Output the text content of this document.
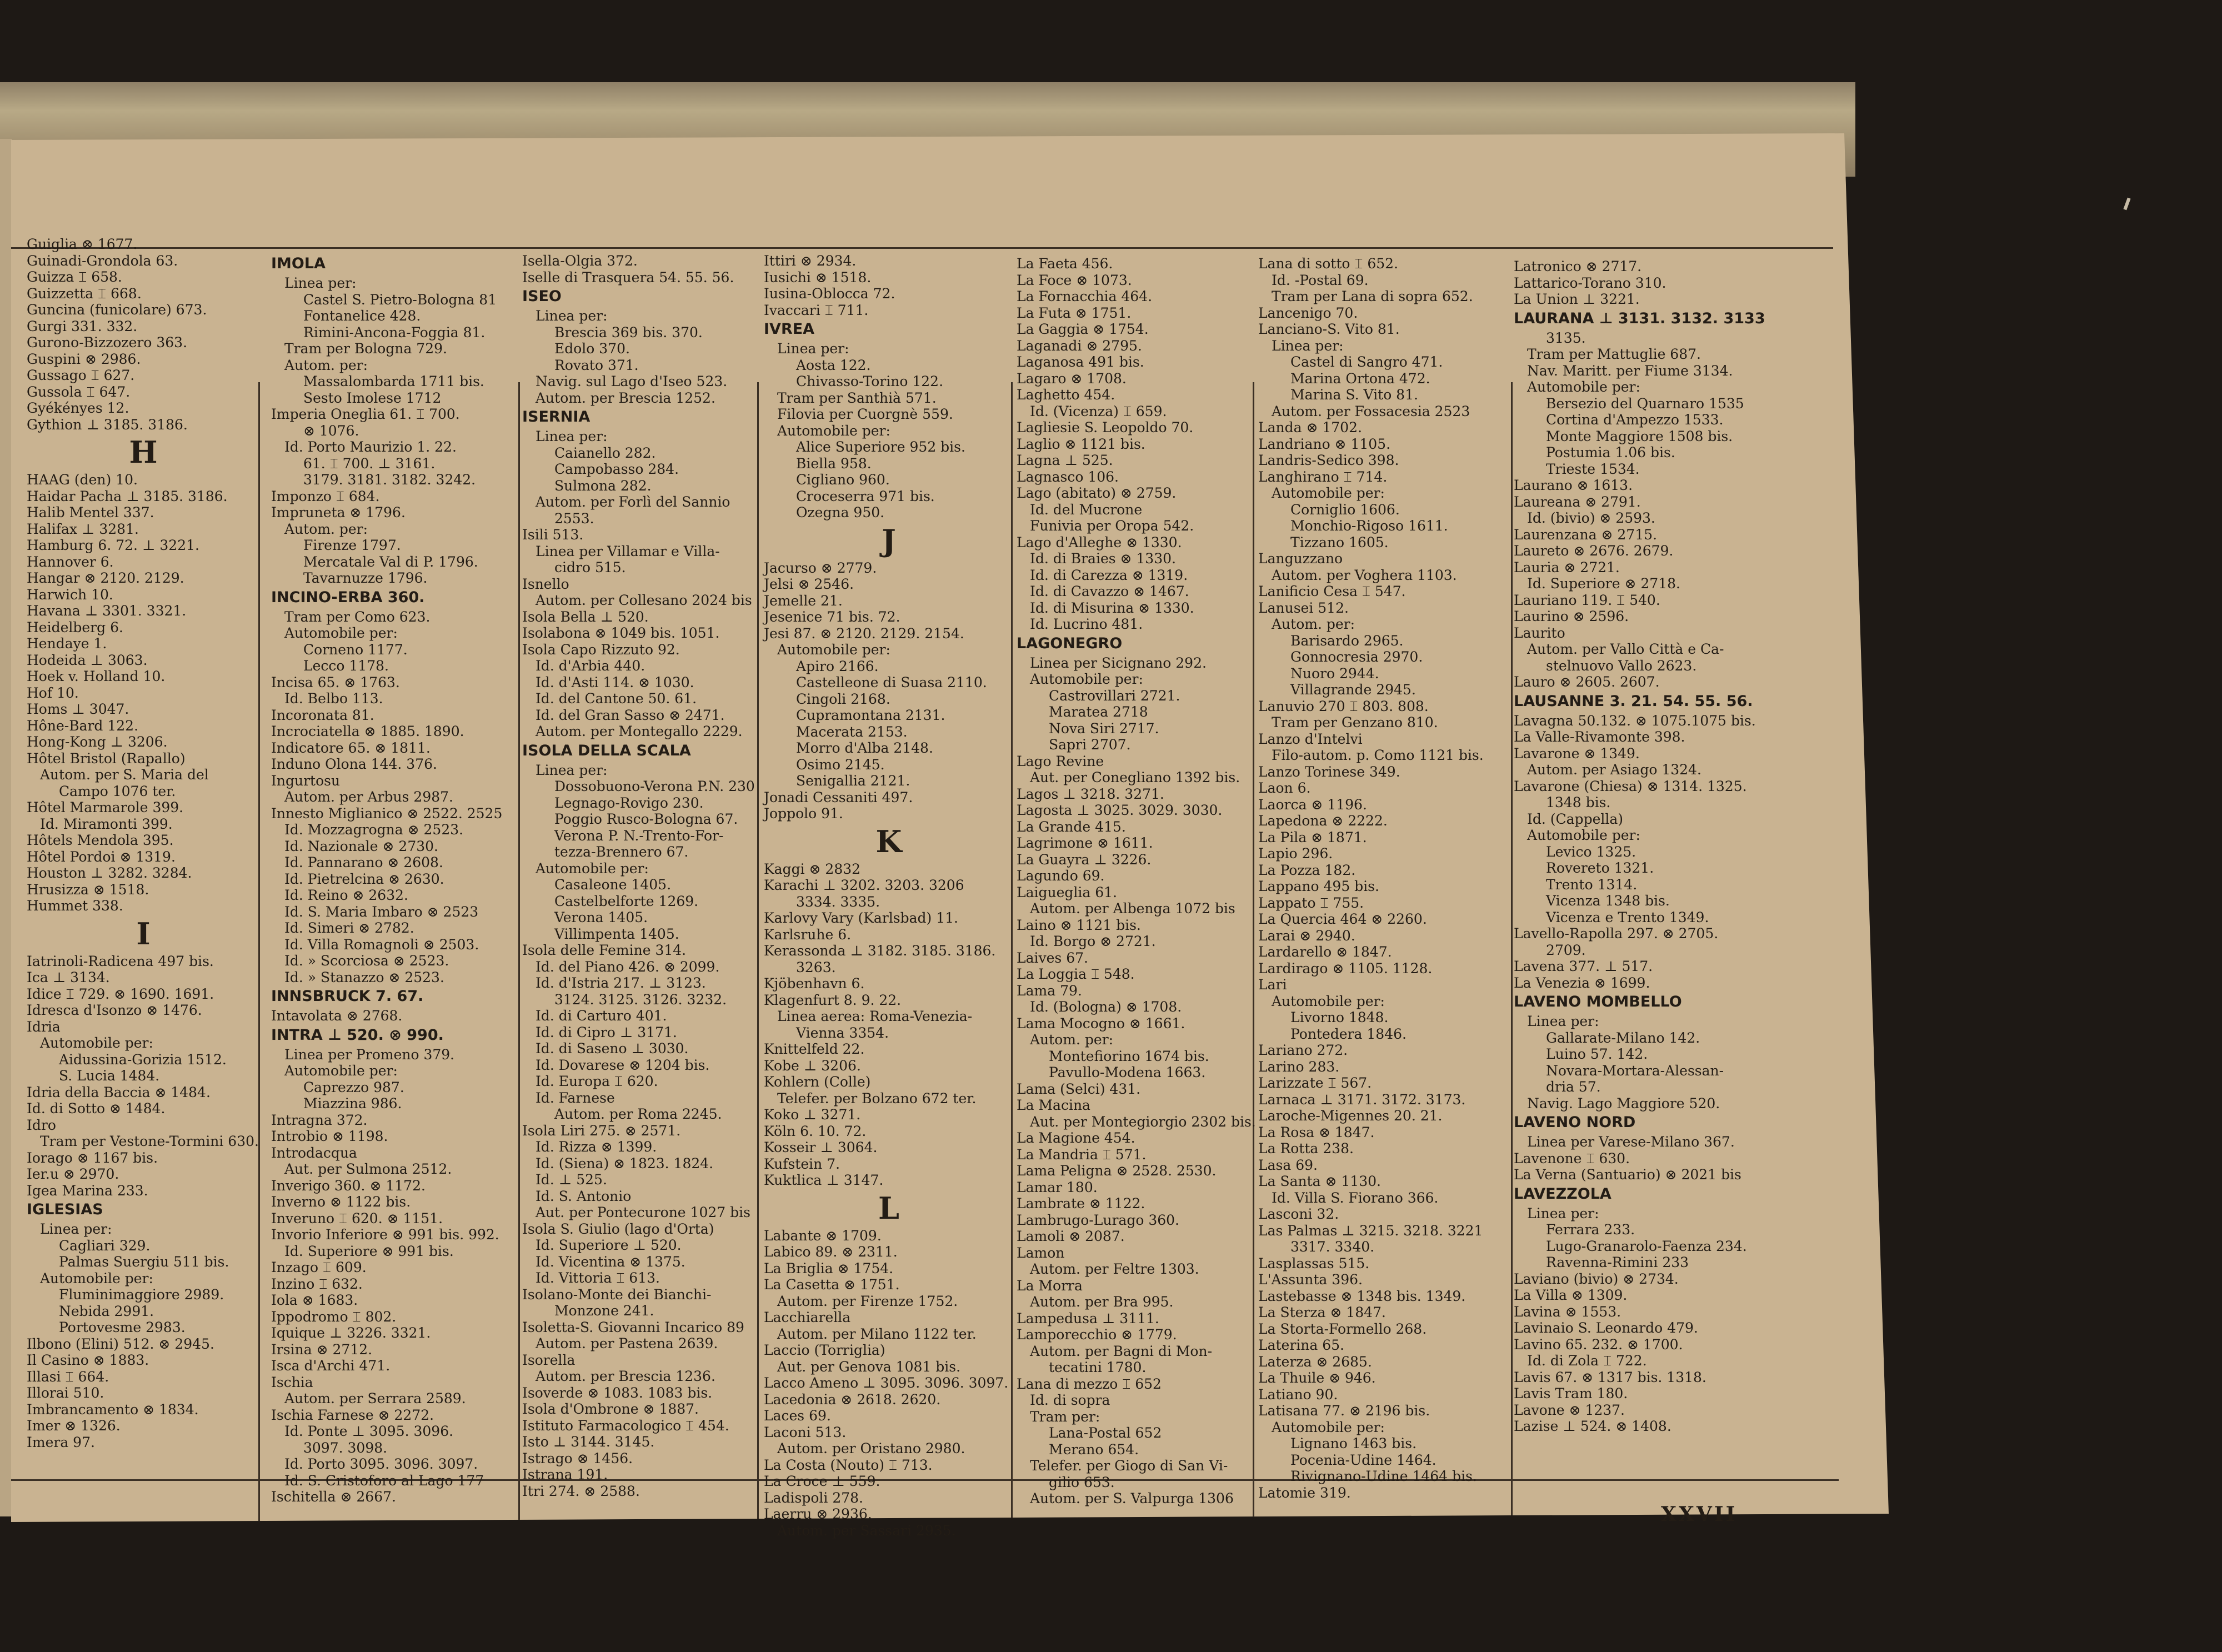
Guiglia ⊗ 1677.

Guinadi-Grondola 63.

Guizza ⌶ 658.

Guizzetta ⌶ 668.

Guncina (funicolare) 673.

Gurgi 331. 332.

Gurono-Bizzozero 363.

Guspini ⊗ 2986.

Gussago ⌶ 627.

Gussola ⌶ 647.

Gyékényes 12.

Gythion ⊥ 3185. 3186.

H

HAAG (den) 10.

Haidar Pacha ⊥ 3185. 3186.

Halib Mentel 337.

Halifax ⊥ 3281.

Hamburg 6. 72. ⊥ 3221.

Hannover 6.

Hangar ⊗ 2120. 2129.

Harwich 10.

Havana ⊥ 3301. 3321.

Heidelberg 6.

Hendaye 1.

Hodeida ⊥ 3063.

Hoek v. Holland 10.

Hof 10.

Homs ⊥ 3047.

Hône-Bard 122.

Hong-Kong ⊥ 3206.

Hôtel Bristol (Rapallo)

Autom. per S. Maria del

Campo 1076 ter.

Hôtel Marmarole 399.

Id. Miramonti 399.

Hôtels Mendola 395.

Hôtel Pordoi ⊗ 1319.

Houston ⊥ 3282. 3284.

Hrusizza ⊗ 1518.

Hummet 338.

I

Iatrinoli-Radicena 497 bis.

Ica ⊥ 3134.

Idice ⌶ 729. ⊗ 1690. 1691.

Idresca d'Isonzo ⊗ 1476.

Idria

Automobile per:

Aidussina-Gorizia 1512.

S. Lucia 1484.

Idria della Baccia ⊗ 1484.

Id. di Sotto ⊗ 1484.

Idro

Tram per Vestone-Tormini 630.

Iorago ⊗ 1167 bis.

Ier.u ⊗ 2970.

Igea Marina 233.

IGLESIAS

Linea per:

Cagliari 329.

Palmas Suergiu 511 bis.

Automobile per:

Fluminimaggiore 2989.

Nebida 2991.

Portovesme 2983.

Ilbono (Elini) 512. ⊗ 2945.

Il Casino ⊗ 1883.

Illasi ⌶ 664.

Illorai 510.

Imbrancamento ⊗ 1834.

Imer ⊗ 1326.

Imera 97.

IMOLA

Linea per:

Castel S. Pietro-Bologna 81

Fontanelice 428.

Rimini-Ancona-Foggia 81.

Tram per Bologna 729.

Autom. per:

Massalombarda 1711 bis.

Sesto Imolese 1712

Imperia Oneglia 61. ⌶ 700.

⊗ 1076.

Id. Porto Maurizio 1. 22.

61. ⌶ 700. ⊥ 3161.

3179. 3181. 3182. 3242.

Imponzo ⌶ 684.

Impruneta ⊗ 1796.

Autom. per:

Firenze 1797.

Mercatale Val di P. 1796.

Tavarnuzze 1796.

INCINO-ERBA 360.

Tram per Como 623.

Automobile per:

Corneno 1177.

Lecco 1178.

Incisa 65. ⊗ 1763.

Id. Belbo 113.

Incoronata 81.

Incrociatella ⊗ 1885. 1890.

Indicatore 65. ⊗ 1811.

Induno Olona 144. 376.

Ingurtosu

Autom. per Arbus 2987.

Innesto Miglianico ⊗ 2522. 2525

Id. Mozzagrogna ⊗ 2523.

Id. Nazionale ⊗ 2730.

Id. Pannarano ⊗ 2608.

Id. Pietrelcina ⊗ 2630.

Id. Reino ⊗ 2632.

Id. S. Maria Imbaro ⊗ 2523

Id. Simeri ⊗ 2782.

Id. Villa Romagnoli ⊗ 2503.

Id. » Scorciosa ⊗ 2523.

Id. » Stanazzo ⊗ 2523.

INNSBRUCK 7. 67.

Intavolata ⊗ 2768.

INTRA ⊥ 520. ⊗ 990.

Linea per Promeno 379.

Automobile per:

Caprezzo 987.

Miazzina 986.

Intragna 372.

Introbio ⊗ 1198.

Introdacqua

Aut. per Sulmona 2512.

Inverigo 360. ⊗ 1172.

Inverno ⊗ 1122 bis.

Inveruno ⌶ 620. ⊗ 1151.

Invorio Inferiore ⊗ 991 bis. 992.

Id. Superiore ⊗ 991 bis.

Inzago ⌶ 609.

Inzino ⌶ 632.

Iola ⊗ 1683.

Ippodromo ⌶ 802.

Iquique ⊥ 3226. 3321.

Irsina ⊗ 2712.

Isca d'Archi 471.

Ischia

Autom. per Serrara 2589.

Ischia Farnese ⊗ 2272.

Id. Ponte ⊥ 3095. 3096.

3097. 3098.

Id. Porto 3095. 3096. 3097.

Id. S. Cristoforo al Lago 177

Ischitella ⊗ 2667.

Isella-Olgia 372.

Iselle di Trasquera 54. 55. 56.

ISEO

Linea per:

Brescia 369 bis. 370.

Edolo 370.

Rovato 371.

Navig. sul Lago d'Iseo 523.

Autom. per Brescia 1252.

ISERNIA

Linea per:

Caianello 282.

Campobasso 284.

Sulmona 282.

Autom. per Forlì del Sannio

2553.

Isili 513.

Linea per Villamar e Villa-

cidro 515.

Isnello

Autom. per Collesano 2024 bis

Isola Bella ⊥ 520.

Isolabona ⊗ 1049 bis. 1051.

Isola Capo Rizzuto 92.

Id. d'Arbia 440.

Id. d'Asti 114. ⊗ 1030.

Id. del Cantone 50. 61.

Id. del Gran Sasso ⊗ 2471.

Autom. per Montegallo 2229.

ISOLA DELLA SCALA

Linea per:

Dossobuono-Verona P.N. 230

Legnago-Rovigo 230.

Poggio Rusco-Bologna 67.

Verona P. N.-Trento-For-

tezza-Brennero 67.

Automobile per:

Casaleone 1405.

Castelbelforte 1269.

Verona 1405.

Villimpenta 1405.

Isola delle Femine 314.

Id. del Piano 426. ⊗ 2099.

Id. d'Istria 217. ⊥ 3123.

3124. 3125. 3126. 3232.

Id. di Carturo 401.

Id. di Cipro ⊥ 3171.

Id. di Saseno ⊥ 3030.

Id. Dovarese ⊗ 1204 bis.

Id. Europa ⌶ 620.

Id. Farnese

Autom. per Roma 2245.

Isola Liri 275. ⊗ 2571.

Id. Rizza ⊗ 1399.

Id. (Siena) ⊗ 1823. 1824.

Id. ⊥ 525.

Id. S. Antonio

Aut. per Pontecurone 1027 bis

Isola S. Giulio (lago d'Orta)

Id. Superiore ⊥ 520.

Id. Vicentina ⊗ 1375.

Id. Vittoria ⌶ 613.

Isolano-Monte dei Bianchi-

Monzone 241.

Isoletta-S. Giovanni Incarico 89

Autom. per Pastena 2639.

Isorella

Autom. per Brescia 1236.

Isoverde ⊗ 1083. 1083 bis.

Isola d'Ombrone ⊗ 1887.

Istituto Farmacologico ⌶ 454.

Isto ⊥ 3144. 3145.

Istrago ⊗ 1456.

Istrana 191.

Itri 274. ⊗ 2588.

Ittiri ⊗ 2934.

Iusichi ⊗ 1518.

Iusina-Oblocca 72.

Ivaccari ⌶ 711.

IVREA

Linea per:

Aosta 122.

Chivasso-Torino 122.

Tram per Santhià 571.

Filovia per Cuorgnè 559.

Automobile per:

Alice Superiore 952 bis.

Biella 958.

Cigliano 960.

Croceserra 971 bis.

Ozegna 950.

J

Jacurso ⊗ 2779.

Jelsi ⊗ 2546.

Jemelle 21.

Jesenice 71 bis. 72.

Jesi 87. ⊗ 2120. 2129. 2154.

Automobile per:

Apiro 2166.

Castelleone di Suasa 2110.

Cingoli 2168.

Cupramontana 2131.

Macerata 2153.

Morro d'Alba 2148.

Osimo 2145.

Senigallia 2121.

Jonadi Cessaniti 497.

Joppolo 91.

K

Kaggi ⊗ 2832

Karachi ⊥ 3202. 3203. 3206

3334. 3335.

Karlovy Vary (Karlsbad) 11.

Karlsruhe 6.

Kerassonda ⊥ 3182. 3185. 3186.

3263.

Kjöbenhavn 6.

Klagenfurt 8. 9. 22.

Linea aerea: Roma-Venezia-

Vienna 3354.

Knittelfeld 22.

Kobe ⊥ 3206.

Kohlern (Colle)

Telefer. per Bolzano 672 ter.

Koko ⊥ 3271.

Köln 6. 10. 72.

Kosseir ⊥ 3064.

Kufstein 7.

Kuktlica ⊥ 3147.

L

Labante ⊗ 1709.

Labico 89. ⊗ 2311.

La Briglia ⊗ 1754.

La Casetta ⊗ 1751.

Autom. per Firenze 1752.

Lacchiarella

Autom. per Milano 1122 ter.

Laccio (Torriglia)

Aut. per Genova 1081 bis.

Lacco Ameno ⊥ 3095. 3096. 3097.

Lacedonia ⊗ 2618. 2620.

Laces 69.

Laconi 513.

Autom. per Oristano 2980.

La Costa (Nouto) ⌶ 713.

La Croce ⊥ 559.

Ladispoli 278.

Laerru ⊗ 2936.

Autom. per Sassari 2935.

La Faeta 456.

La Foce ⊗ 1073.

La Fornacchia 464.

La Futa ⊗ 1751.

La Gaggia ⊗ 1754.

Laganadi ⊗ 2795.

Laganosa 491 bis.

Lagaro ⊗ 1708.

Laghetto 454.

Id. (Vicenza) ⌶ 659.

Lagliesie S. Leopoldo 70.

Laglio ⊗ 1121 bis.

Lagna ⊥ 525.

Lagnasco 106.

Lago (abitato) ⊗ 2759.

Id. del Mucrone

Funivia per Oropa 542.

Lago d'Alleghe ⊗ 1330.

Id. di Braies ⊗ 1330.

Id. di Carezza ⊗ 1319.

Id. di Cavazzo ⊗ 1467.

Id. di Misurina ⊗ 1330.

Id. Lucrino 481.

LAGONEGRO

Linea per Sicignano 292.

Automobile per:

Castrovillari 2721.

Maratea 2718

Nova Siri 2717.

Sapri 2707.

Lago Revine

Aut. per Conegliano 1392 bis.

Lagos ⊥ 3218. 3271.

Lagosta ⊥ 3025. 3029. 3030.

La Grande 415.

Lagrimone ⊗ 1611.

La Guayra ⊥ 3226.

Lagundo 69.

Laigueglia 61.

Autom. per Albenga 1072 bis

Laino ⊗ 1121 bis.

Id. Borgo ⊗ 2721.

Laives 67.

La Loggia ⌶ 548.

Lama 79.

Id. (Bologna) ⊗ 1708.

Lama Mocogno ⊗ 1661.

Autom. per:

Montefiorino 1674 bis.

Pavullo-Modena 1663.

Lama (Selci) 431.

La Macina

Aut. per Montegiorgio 2302 bis.

La Magione 454.

La Mandria ⌶ 571.

Lama Peligna ⊗ 2528. 2530.

Lamar 180.

Lambrate ⊗ 1122.

Lambrugo-Lurago 360.

Lamoli ⊗ 2087.

Lamon

Autom. per Feltre 1303.

La Morra

Autom. per Bra 995.

Lampedusa ⊥ 3111.

Lamporecchio ⊗ 1779.

Autom. per Bagni di Mon-

tecatini 1780.

Lana di mezzo ⌶ 652

Id. di sopra

Tram per:

Lana-Postal 652

Merano 654.

Telefer. per Giogo di San Vi-

gilio 653.

Autom. per S. Valpurga 1306

Lana di sotto ⌶ 652.

Id. -Postal 69.

Tram per Lana di sopra 652.

Lancenigo 70.

Lanciano-S. Vito 81.

Linea per:

Castel di Sangro 471.

Marina Ortona 472.

Marina S. Vito 81.

Autom. per Fossacesia 2523

Landa ⊗ 1702.

Landriano ⊗ 1105.

Landris-Sedico 398.

Langhirano ⌶ 714.

Automobile per:

Corniglio 1606.

Monchio-Rigoso 1611.

Tizzano 1605.

Languzzano

Autom. per Voghera 1103.

Lanificio Cesa ⌶ 547.

Lanusei 512.

Autom. per:

Barisardo 2965.

Gonnocresia 2970.

Nuoro 2944.

Villagrande 2945.

Lanuvio 270 ⌶ 803. 808.

Tram per Genzano 810.

Lanzo d'Intelvi

Filo-autom. p. Como 1121 bis.

Lanzo Torinese 349.

Laon 6.

Laorca ⊗ 1196.

Lapedona ⊗ 2222.

La Pila ⊗ 1871.

Lapio 296.

La Pozza 182.

Lappano 495 bis.

Lappato ⌶ 755.

La Quercia 464 ⊗ 2260.

Larai ⊗ 2940.

Lardarello ⊗ 1847.

Lardirago ⊗ 1105. 1128.

Lari

Automobile per:

Livorno 1848.

Pontedera 1846.

Lariano 272.

Larino 283.

Larizzate ⌶ 567.

Larnaca ⊥ 3171. 3172. 3173.

Laroche-Migennes 20. 21.

La Rosa ⊗ 1847.

La Rotta 238.

Lasa 69.

La Santa ⊗ 1130.

Id. Villa S. Fiorano 366.

Lasconi 32.

Las Palmas ⊥ 3215. 3218. 3221

3317. 3340.

Lasplassas 515.

L'Assunta 396.

Lastebasse ⊗ 1348 bis. 1349.

La Sterza ⊗ 1847.

La Storta-Formello 268.

Laterina 65.

Laterza ⊗ 2685.

La Thuile ⊗ 946.

Latiano 90.

Latisana 77. ⊗ 2196 bis.

Automobile per:

Lignano 1463 bis.

Pocenia-Udine 1464.

Rivignano-Udine 1464 bis.

Latomie 319.

Latronico ⊗ 2717.

Lattarico-Torano 310.

La Union ⊥ 3221.

LAURANA ⊥ 3131. 3132. 3133

3135.

Tram per Mattuglie 687.

Nav. Maritt. per Fiume 3134.

Automobile per:

Bersezio del Quarnaro 1535

Cortina d'Ampezzo 1533.

Monte Maggiore 1508 bis.

Postumia 1.06 bis.

Trieste 1534.

Laurano ⊗ 1613.

Laureana ⊗ 2791.

Id. (bivio) ⊗ 2593.

Laurenzana ⊗ 2715.

Laureto ⊗ 2676. 2679.

Lauria ⊗ 2721.

Id. Superiore ⊗ 2718.

Lauriano 119. ⌶ 540.

Laurino ⊗ 2596.

Laurito

Autom. per Vallo Città e Ca-

stelnuovo Vallo 2623.

Lauro ⊗ 2605. 2607.

LAUSANNE 3. 21. 54. 55. 56.

Lavagna 50.132. ⊗ 1075.1075 bis.

La Valle-Rivamonte 398.

Lavarone ⊗ 1349.

Autom. per Asiago 1324.

Lavarone (Chiesa) ⊗ 1314. 1325.

1348 bis.

Id. (Cappella)

Automobile per:

Levico 1325.

Rovereto 1321.

Trento 1314.

Vicenza 1348 bis.

Vicenza e Trento 1349.

Lavello-Rapolla 297. ⊗ 2705.

2709.

Lavena 377. ⊥ 517.

La Venezia ⊗ 1699.

LAVENO MOMBELLO

Linea per:

Gallarate-Milano 142.

Luino 57. 142.

Novara-Mortara-Alessan-

dria 57.

Navig. Lago Maggiore 520.

LAVENO NORD

Linea per Varese-Milano 367.

Lavenone ⌶ 630.

La Verna (Santuario) ⊗ 2021 bis

LAVEZZOLA

Linea per:

Ferrara 233.

Lugo-Granarolo-Faenza 234.

Ravenna-Rimini 233

Laviano (bivio) ⊗ 2734.

La Villa ⊗ 1309.

Lavina ⊗ 1553.

Lavinaio S. Leonardo 479.

Lavino 65. 232. ⊗ 1700.

Id. di Zola ⌶ 722.

Lavis 67. ⊗ 1317 bis. 1318.

Lavis Tram 180.

Lavone ⊗ 1237.

Lazise ⊥ 524. ⊗ 1408.

XXVII
